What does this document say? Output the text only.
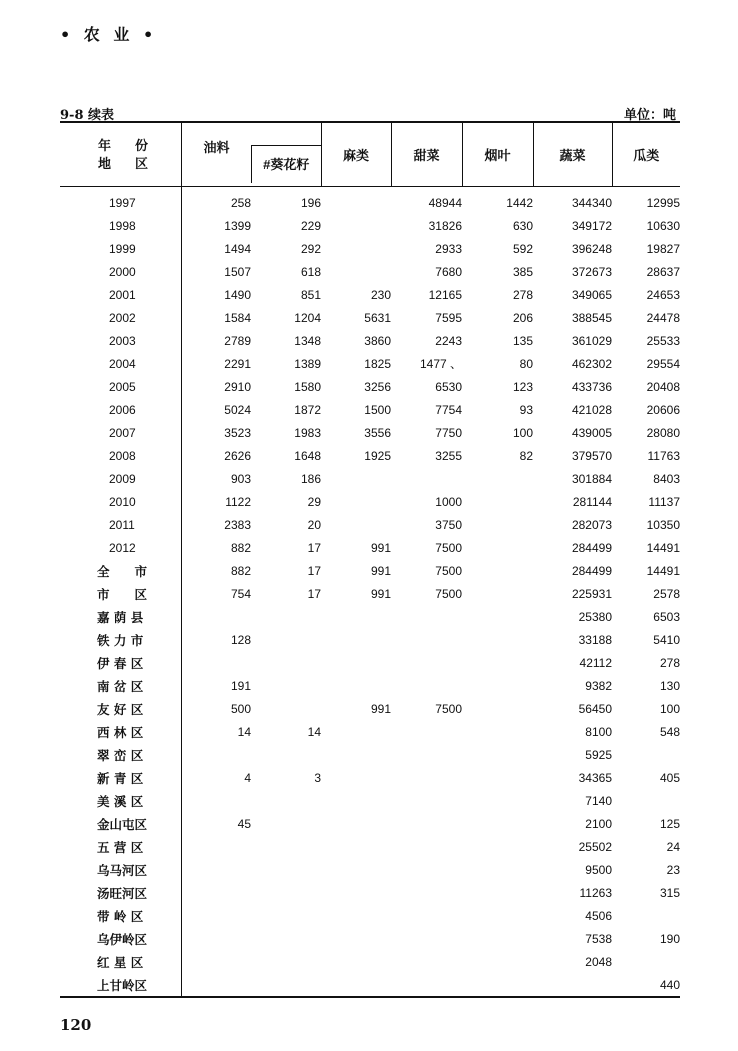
• 农 业 •
9-8 续表	单位：吨
年 份
地 区	油料	#葵花籽	麻类	甜菜	烟叶	蔬菜	瓜类
1997	258	196		48944	1442	344340	12995
1998	1399	229		31826	630	349172	10630
1999	1494	292		2933	592	396248	19827
2000	1507	618		7680	385	372673	28637
2001	1490	851	230	12165	278	349065	24653
2002	1584	1204	5631	7595	206	388545	24478
2003	2789	1348	3860	2243	135	361029	25533
2004	2291	1389	1825	1477 、	80	462302	29554
2005	2910	1580	3256	6530	123	433736	20408
2006	5024	1872	1500	7754	93	421028	20606
2007	3523	1983	3556	7750	100	439005	28080
2008	2626	1648	1925	3255	82	379570	11763
2009	903	186				301884	8403
2010	1122	29		1000		281144	11137
2011	2383	20		3750		282073	10350
2012	882	17	991	7500		284499	14491
全　　市	882	17	991	7500		284499	14491
市　　区	754	17	991	7500		225931	2578
嘉 荫 县						25380	6503
铁 力 市	128					33188	5410
伊 春 区						42112	278
南 岔 区	191					9382	130
友 好 区	500		991	7500		56450	100
西 林 区	14	14				8100	548
翠 峦 区						5925	
新 青 区	4	3				34365	405
美 溪 区						7140	
金山屯区	45					2100	125
五 营 区						25502	24
乌马河区						9500	23
汤旺河区						11263	315
带 岭 区						4506	
乌伊岭区						7538	190
红 星 区						2048	
上甘岭区							440
120
